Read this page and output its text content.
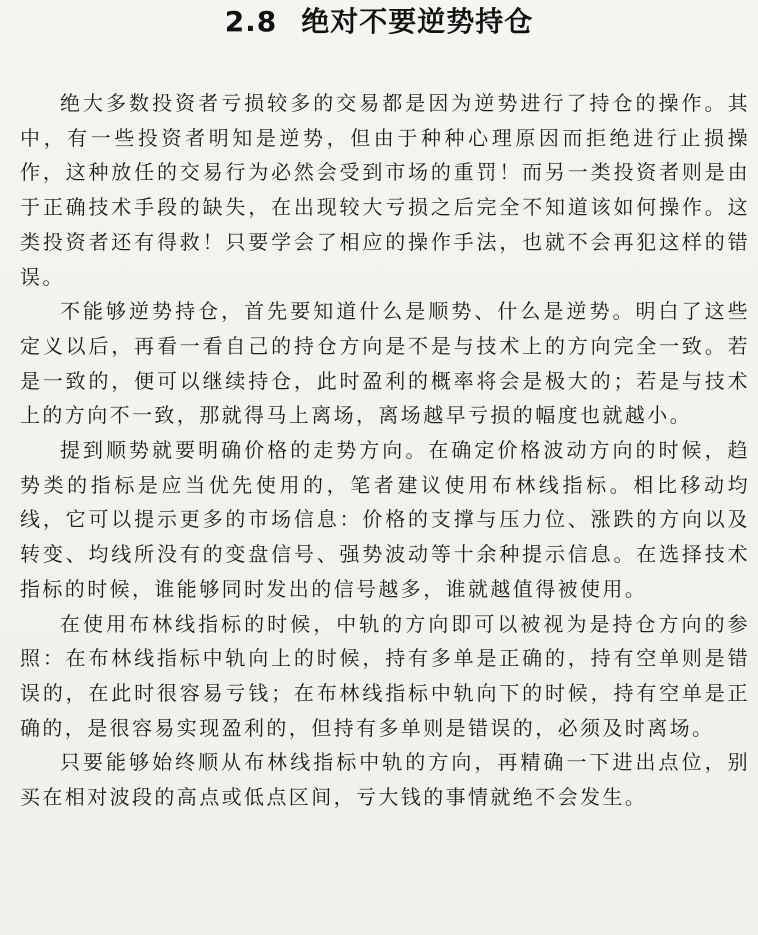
2.8 绝对不要逆势持仓

绝大多数投资者亏损较多的交易都是因为逆势进行了持仓的操作。其中，有一些投资者明知是逆势，但由于种种心理原因而拒绝进行止损操作，这种放任的交易行为必然会受到市场的重罚！而另一类投资者则是由于正确技术手段的缺失，在出现较大亏损之后完全不知道该如何操作。这类投资者还有得救！只要学会了相应的操作手法，也就不会再犯这样的错误。

不能够逆势持仓，首先要知道什么是顺势、什么是逆势。明白了这些定义以后，再看一看自己的持仓方向是不是与技术上的方向完全一致。若是一致的，便可以继续持仓，此时盈利的概率将会是极大的；若是与技术上的方向不一致，那就得马上离场，离场越早亏损的幅度也就越小。

提到顺势就要明确价格的走势方向。在确定价格波动方向的时候，趋势类的指标是应当优先使用的，笔者建议使用布林线指标。相比移动均线，它可以提示更多的市场信息：价格的支撑与压力位、涨跌的方向以及转变、均线所没有的变盘信号、强势波动等十余种提示信息。在选择技术指标的时候，谁能够同时发出的信号越多，谁就越值得被使用。

在使用布林线指标的时候，中轨的方向即可以被视为是持仓方向的参照：在布林线指标中轨向上的时候，持有多单是正确的，持有空单则是错误的，在此时很容易亏钱；在布林线指标中轨向下的时候，持有空单是正确的，是很容易实现盈利的，但持有多单则是错误的，必须及时离场。

只要能够始终顺从布林线指标中轨的方向，再精确一下进出点位，别买在相对波段的高点或低点区间，亏大钱的事情就绝不会发生。
